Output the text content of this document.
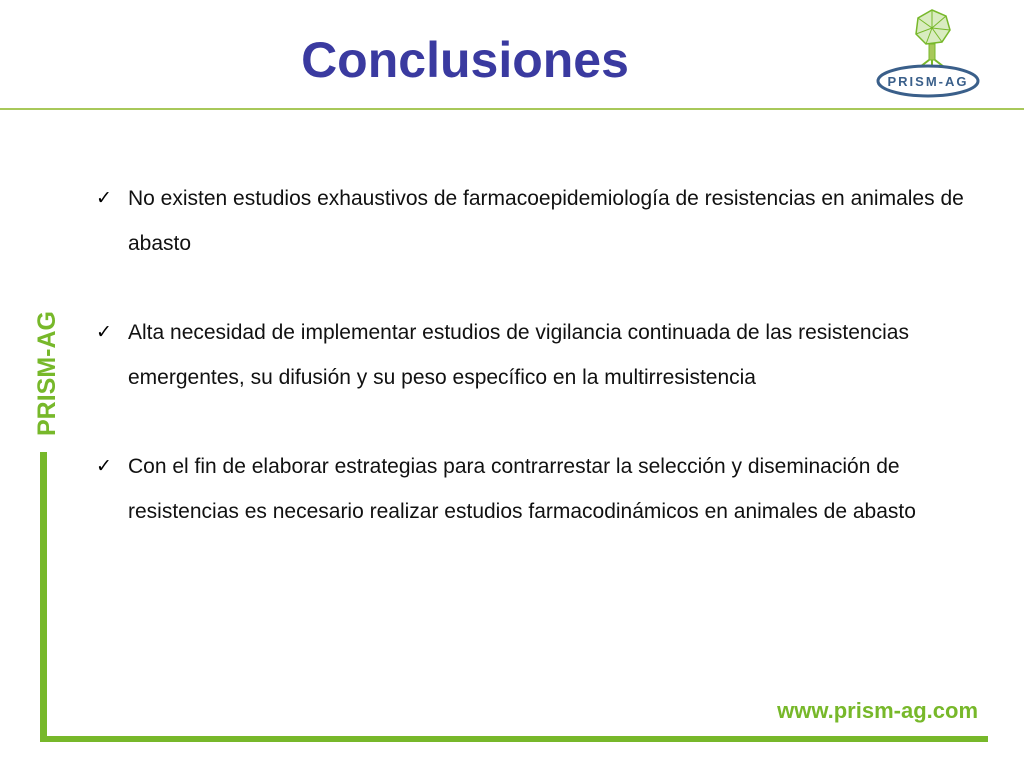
Conclusiones	PRISM-AG
PRISM-AG
✓ No existen estudios exhaustivos de farmacoepidemiología de resistencias en animales de abasto
✓ Alta necesidad de implementar estudios de vigilancia continuada de las resistencias emergentes, su difusión y su peso específico en la multirresistencia
✓ Con el fin de elaborar estrategias para contrarrestar la selección y diseminación de resistencias es necesario realizar estudios farmacodinámicos en animales de abasto
www.prism-ag.com
